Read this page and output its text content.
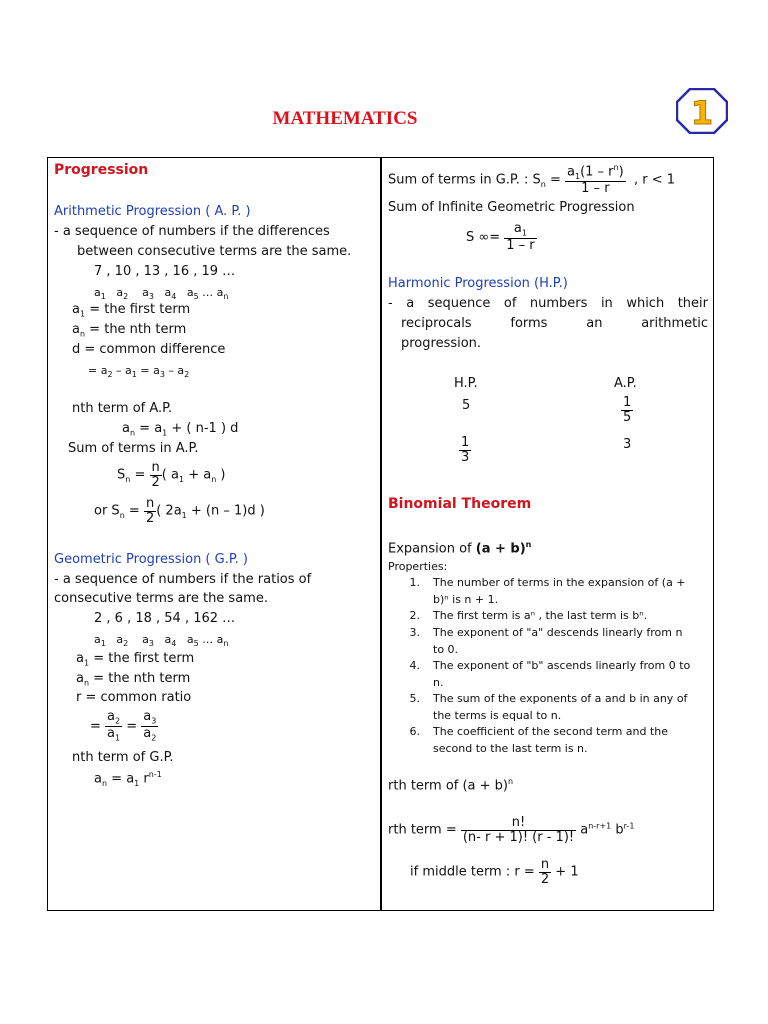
MATHEMATICS	1
Progression
Arithmetic Progression ( A. P. )
- a sequence of numbers if the differences
between consecutive terms are the same.
7 , 10 , 13 , 16 , 19 …
$a_1$   $a_2$    $a_3$   $a_4$   $a_5$ … $a_n$
$a_1$ = the first term
$a_n$ = the nth term
d = common difference
= $a_2 - a_1 = a_3 - a_2$
nth term of A.P.
$a_n = a_1$ + ( n-1 ) d
Sum of terms in A.P.
$S_n = \frac{n}{2}$ ( $a_1 + a_n$ )
or $S_n = \frac{n}{2}$ ( $2a_1 + (n - 1)d$ )
Geometric Progression ( G.P. )
- a sequence of numbers if the ratios of
consecutive terms are the same.
2 , 6 , 18 , 54 , 162 …
$a_1$   $a_2$    $a_3$   $a_4$   $a_5$ … $a_n$
$a_1$ = the first term
$a_n$ = the nth term
r = common ratio
= $\frac{a_2}{a_1} = \frac{a_3}{a_2}$
nth term of G.P.
$a_n = a_1$ $r^{n-1}$
Sum of terms in G.P. : $S_n = \frac{a_1(1 - r^n)}{1 - r}$ , r < 1
Sum of Infinite Geometric Progression
S ∞= $\frac{a_1}{1 - r}$
Harmonic Progression (H.P.)
- a sequence of numbers in which their
reciprocals forms an arithmetic
progression.
H.P.	A.P.
5	$\frac{1}{5}$
$\frac{1}{3}$	3
Binomial Theorem
Expansion of $(a + b)^n$
Properties:
1. The number of terms in the expansion of (a +
b)ⁿ is n + 1.
2. The first term is aⁿ , the last term is bⁿ.
3. The exponent of "a" descends linearly from n
to 0.
4. The exponent of "b" ascends linearly from 0 to
n.
5. The sum of the exponents of a and b in any of
the terms is equal to n.
6. The coefficient of the second term and the
second to the last term is n.
rth term of $(a + b)^n$
rth term = $\frac{n!}{(n- r + 1)! (r - 1)!} a^{n-r+1}$ $b^{r-1}$
if middle term : $r = \frac{n}{2} + 1$
